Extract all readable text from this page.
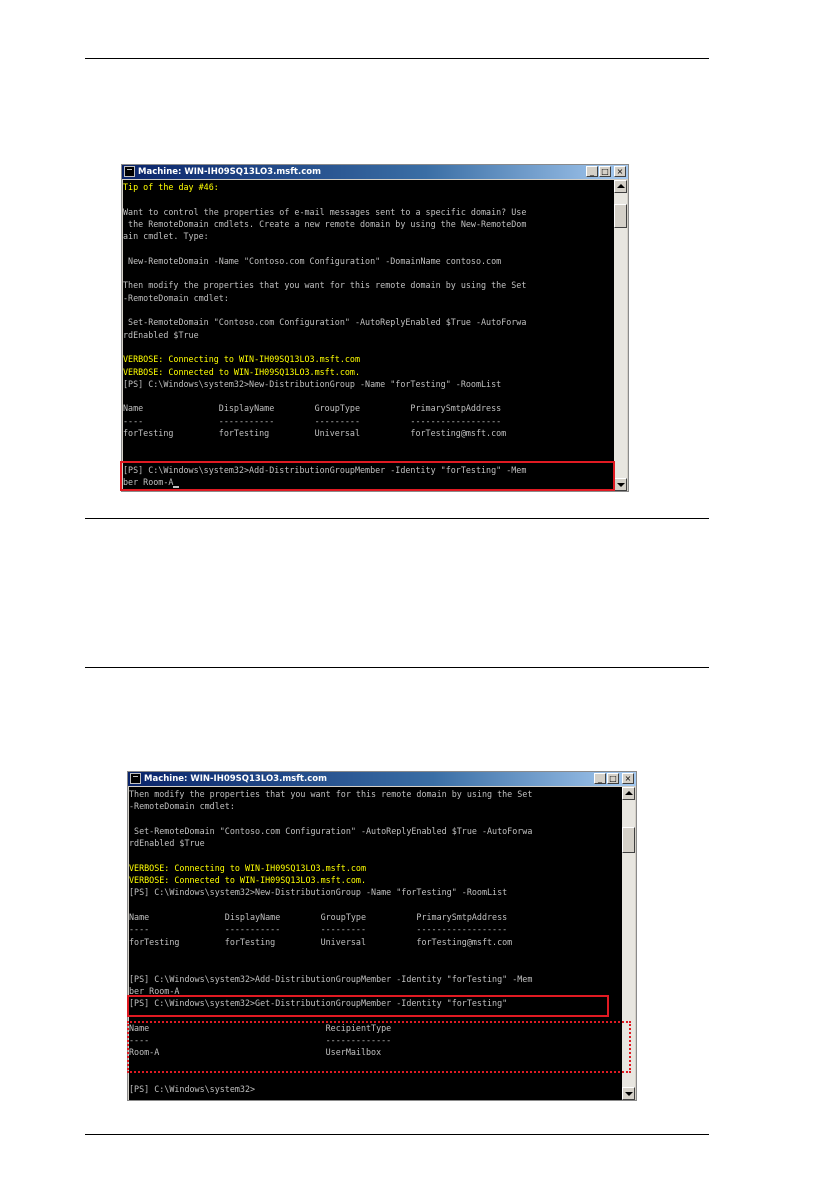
Machine: WIN-IH09SQ13LO3.msft.com	_ □ ×
Tip of the day #46:
Want to control the properties of e-mail messages sent to a specific domain? Use
the RemoteDomain cmdlets. Create a new remote domain by using the New-RemoteDom
ain cmdlet. Type:
New-RemoteDomain -Name "Contoso.com Configuration" -DomainName contoso.com
Then modify the properties that you want for this remote domain by using the Set
-RemoteDomain cmdlet:
Set-RemoteDomain "Contoso.com Configuration" -AutoReplyEnabled $True -AutoForwa
rdEnabled $True
VERBOSE: Connecting to WIN-IH09SQ13LO3.msft.com
VERBOSE: Connected to WIN-IH09SQ13LO3.msft.com.
[PS] C:\Windows\system32>New-DistributionGroup -Name "forTesting" -RoomList
Name               DisplayName        GroupType          PrimarySmtpAddress
----               -----------        ---------          ------------------
forTesting         forTesting         Universal          forTesting@msft.com
[PS] C:\Windows\system32>Add-DistributionGroupMember -Identity "forTesting" -Mem
ber Room-A
Machine: WIN-IH09SQ13LO3.msft.com	_ □ ×
Then modify the properties that you want for this remote domain by using the Set
-RemoteDomain cmdlet:
Set-RemoteDomain "Contoso.com Configuration" -AutoReplyEnabled $True -AutoForwa
rdEnabled $True
VERBOSE: Connecting to WIN-IH09SQ13LO3.msft.com
VERBOSE: Connected to WIN-IH09SQ13LO3.msft.com.
[PS] C:\Windows\system32>New-DistributionGroup -Name "forTesting" -RoomList
Name               DisplayName        GroupType          PrimarySmtpAddress
----               -----------        ---------          ------------------
forTesting         forTesting         Universal          forTesting@msft.com
[PS] C:\Windows\system32>Add-DistributionGroupMember -Identity "forTesting" -Mem
ber Room-A
[PS] C:\Windows\system32>Get-DistributionGroupMember -Identity "forTesting"
Name                                   RecipientType
----                                   -------------
Room-A                                 UserMailbox
[PS] C:\Windows\system32>
